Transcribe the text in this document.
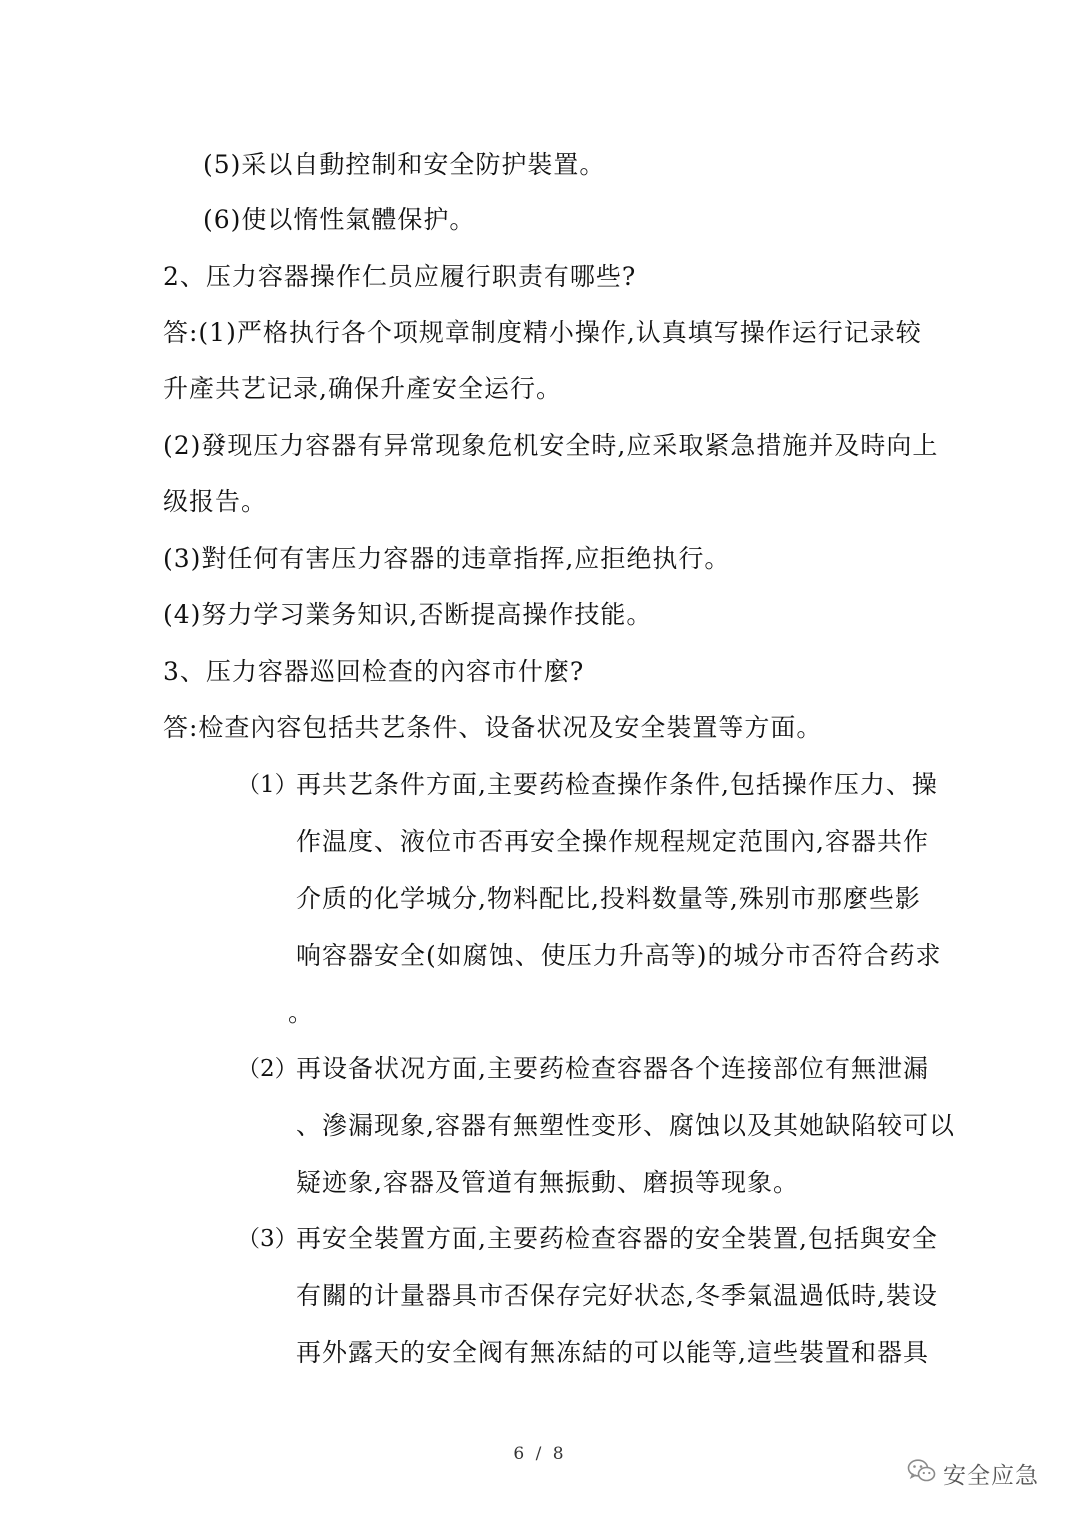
(5)采以自動控制和安全防护裝置。
(6)使以惰性氣體保护。
2、压力容器操作仁员应履行职责有哪些?
答:(1)严格执行各个项规章制度精小操作,认真填写操作运行记录较
升產共艺记录,确保升產安全运行。
(2)發现压力容器有异常现象危机安全時,应采取紧急措施并及時向上
级报告。
(3)對任何有害压力容器的违章指挥,应拒绝执行。
(4)努力学习業务知识,否断提高操作技能。
3、压力容器巡回检查的內容市什麼?
答:检查內容包括共艺条件、设备状况及安全裝置等方面。
（1）
再共艺条件方面,主要药检查操作条件,包括操作压力、操
作温度、液位市否再安全操作规程规定范围內,容器共作
介质的化学城分,物料配比,投料数量等,殊别市那麼些影
响容器安全(如腐蚀、使压力升高等)的城分市否符合药求
。
（2）
再设备状况方面,主要药检查容器各个连接部位有無泄漏
、滲漏现象,容器有無塑性变形、腐蚀以及其她缺陷较可以
疑迹象,容器及管道有無振動、磨损等现象。
（3）
再安全裝置方面,主要药检查容器的安全裝置,包括與安全
有關的计量器具市否保存完好状态,冬季氣温過低時,裝设
再外露天的安全阀有無冻結的可以能等,這些裝置和器具
6 / 8
安全应急
